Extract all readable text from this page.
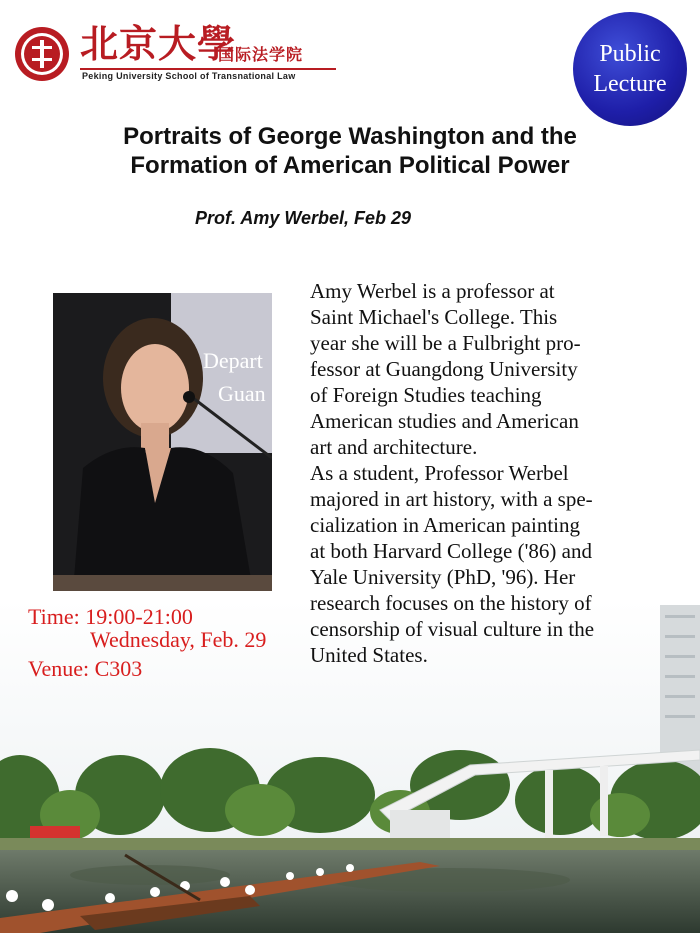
北京大學
国际法学院
Peking University School of Transnational Law
Public
Lecture
Portraits of George Washington and the
Formation of American Political Power
Prof. Amy Werbel, Feb 29
Depart
Guan
Amy Werbel is a professor at
Saint Michael's College. This
year she will be a Fulbright pro-
fessor at Guangdong University
of Foreign Studies teaching
American studies and American
art and architecture.
As a student, Professor Werbel
majored in art history, with a spe-
cialization in American painting
at both Harvard College ('86) and
Yale University (PhD, '96). Her
research focuses on the history of
censorship of visual culture in the
United States.
Time: 19:00-21:00
Wednesday, Feb. 29
Venue: C303
